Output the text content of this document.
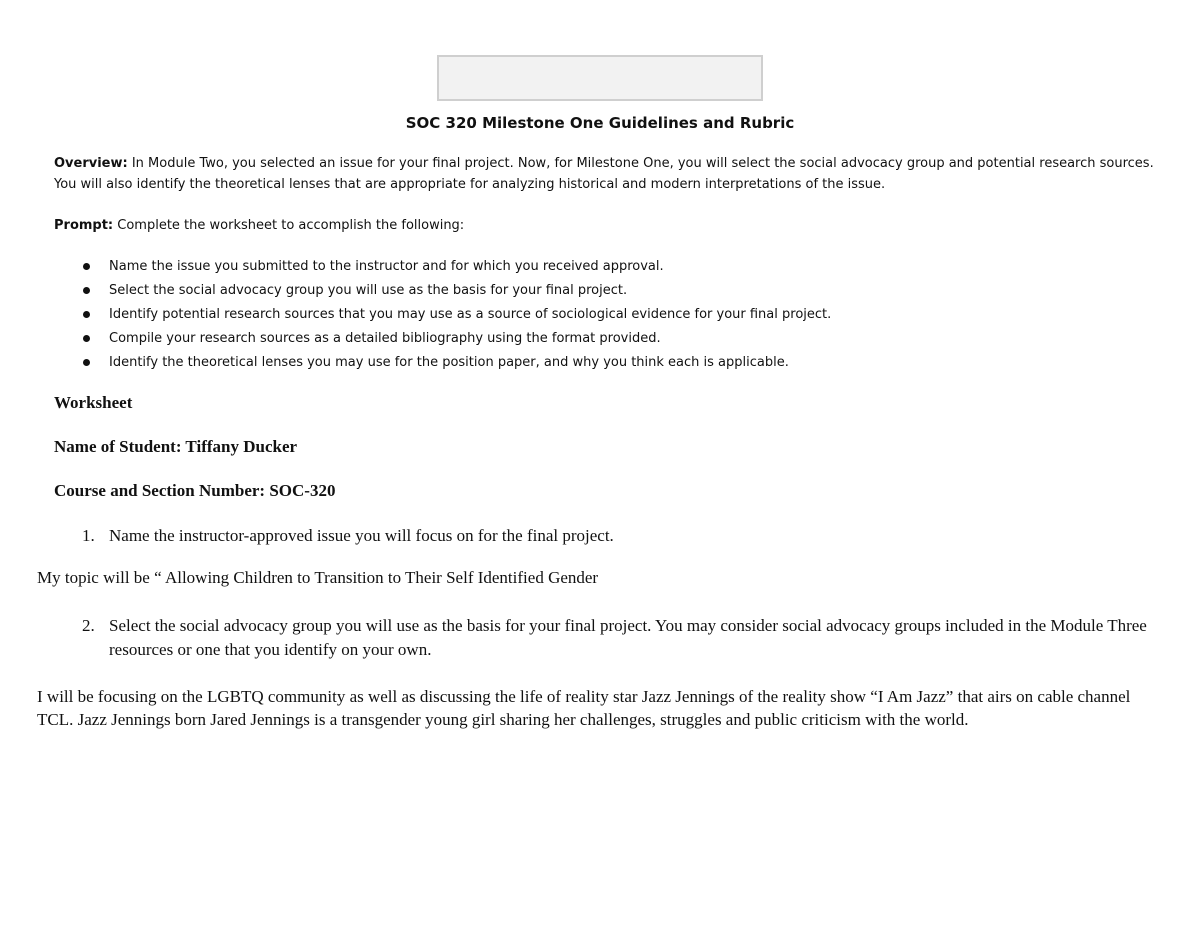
SOC 320 Milestone One Guidelines and Rubric

Overview: In Module Two, you selected an issue for your final project. Now, for Milestone One, you will select the social advocacy group and potential research sources. You will also identify the theoretical lenses that are appropriate for analyzing historical and modern interpretations of the issue.

Prompt: Complete the worksheet to accomplish the following:

Name the issue you submitted to the instructor and for which you received approval.
Select the social advocacy group you will use as the basis for your final project.
Identify potential research sources that you may use as a source of sociological evidence for your final project.
Compile your research sources as a detailed bibliography using the format provided.
Identify the theoretical lenses you may use for the position paper, and why you think each is applicable.

Worksheet

Name of Student: Tiffany Ducker

Course and Section Number: SOC-320

1. Name the instructor-approved issue you will focus on for the final project.

My topic will be “ Allowing Children to Transition to Their Self Identified Gender

2. Select the social advocacy group you will use as the basis for your final project. You may consider social advocacy groups included in the Module Three resources or one that you identify on your own.

I will be focusing on the LGBTQ community as well as discussing the life of reality star Jazz Jennings of the reality show “I Am Jazz” that airs on cable channel TCL. Jazz Jennings born Jared Jennings is a transgender young girl sharing her challenges, struggles and public criticism with the world.
